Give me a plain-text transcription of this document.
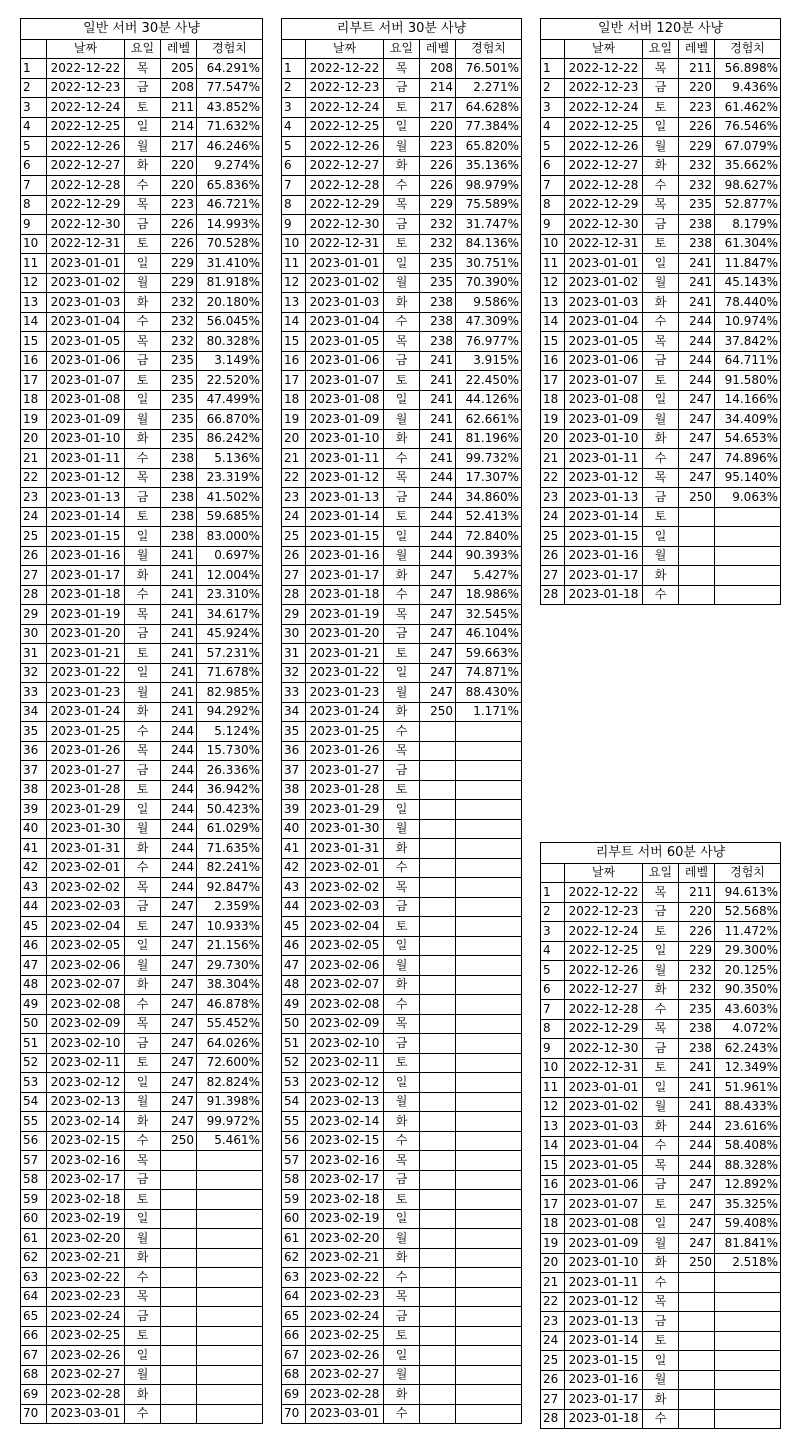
일반 서버 30분 사냥
	날짜	요일	레벨	경험치
1	2022-12-22	목	205	64.291%
2	2022-12-23	금	208	77.547%
3	2022-12-24	토	211	43.852%
4	2022-12-25	일	214	71.632%
5	2022-12-26	월	217	46.246%
6	2022-12-27	화	220	9.274%
7	2022-12-28	수	220	65.836%
8	2022-12-29	목	223	46.721%
9	2022-12-30	금	226	14.993%
10	2022-12-31	토	226	70.528%
11	2023-01-01	일	229	31.410%
12	2023-01-02	월	229	81.918%
13	2023-01-03	화	232	20.180%
14	2023-01-04	수	232	56.045%
15	2023-01-05	목	232	80.328%
16	2023-01-06	금	235	3.149%
17	2023-01-07	토	235	22.520%
18	2023-01-08	일	235	47.499%
19	2023-01-09	월	235	66.870%
20	2023-01-10	화	235	86.242%
21	2023-01-11	수	238	5.136%
22	2023-01-12	목	238	23.319%
23	2023-01-13	금	238	41.502%
24	2023-01-14	토	238	59.685%
25	2023-01-15	일	238	83.000%
26	2023-01-16	월	241	0.697%
27	2023-01-17	화	241	12.004%
28	2023-01-18	수	241	23.310%
29	2023-01-19	목	241	34.617%
30	2023-01-20	금	241	45.924%
31	2023-01-21	토	241	57.231%
32	2023-01-22	일	241	71.678%
33	2023-01-23	월	241	82.985%
34	2023-01-24	화	241	94.292%
35	2023-01-25	수	244	5.124%
36	2023-01-26	목	244	15.730%
37	2023-01-27	금	244	26.336%
38	2023-01-28	토	244	36.942%
39	2023-01-29	일	244	50.423%
40	2023-01-30	월	244	61.029%
41	2023-01-31	화	244	71.635%
42	2023-02-01	수	244	82.241%
43	2023-02-02	목	244	92.847%
44	2023-02-03	금	247	2.359%
45	2023-02-04	토	247	10.933%
46	2023-02-05	일	247	21.156%
47	2023-02-06	월	247	29.730%
48	2023-02-07	화	247	38.304%
49	2023-02-08	수	247	46.878%
50	2023-02-09	목	247	55.452%
51	2023-02-10	금	247	64.026%
52	2023-02-11	토	247	72.600%
53	2023-02-12	일	247	82.824%
54	2023-02-13	월	247	91.398%
55	2023-02-14	화	247	99.972%
56	2023-02-15	수	250	5.461%
57	2023-02-16	목		
58	2023-02-17	금		
59	2023-02-18	토		
60	2023-02-19	일		
61	2023-02-20	월		
62	2023-02-21	화		
63	2023-02-22	수		
64	2023-02-23	목		
65	2023-02-24	금		
66	2023-02-25	토		
67	2023-02-26	일		
68	2023-02-27	월		
69	2023-02-28	화		
70	2023-03-01	수		
리부트 서버 30분 사냥
	날짜	요일	레벨	경험치
1	2022-12-22	목	208	76.501%
2	2022-12-23	금	214	2.271%
3	2022-12-24	토	217	64.628%
4	2022-12-25	일	220	77.384%
5	2022-12-26	월	223	65.820%
6	2022-12-27	화	226	35.136%
7	2022-12-28	수	226	98.979%
8	2022-12-29	목	229	75.589%
9	2022-12-30	금	232	31.747%
10	2022-12-31	토	232	84.136%
11	2023-01-01	일	235	30.751%
12	2023-01-02	월	235	70.390%
13	2023-01-03	화	238	9.586%
14	2023-01-04	수	238	47.309%
15	2023-01-05	목	238	76.977%
16	2023-01-06	금	241	3.915%
17	2023-01-07	토	241	22.450%
18	2023-01-08	일	241	44.126%
19	2023-01-09	월	241	62.661%
20	2023-01-10	화	241	81.196%
21	2023-01-11	수	241	99.732%
22	2023-01-12	목	244	17.307%
23	2023-01-13	금	244	34.860%
24	2023-01-14	토	244	52.413%
25	2023-01-15	일	244	72.840%
26	2023-01-16	월	244	90.393%
27	2023-01-17	화	247	5.427%
28	2023-01-18	수	247	18.986%
29	2023-01-19	목	247	32.545%
30	2023-01-20	금	247	46.104%
31	2023-01-21	토	247	59.663%
32	2023-01-22	일	247	74.871%
33	2023-01-23	월	247	88.430%
34	2023-01-24	화	250	1.171%
35	2023-01-25	수		
36	2023-01-26	목		
37	2023-01-27	금		
38	2023-01-28	토		
39	2023-01-29	일		
40	2023-01-30	월		
41	2023-01-31	화		
42	2023-02-01	수		
43	2023-02-02	목		
44	2023-02-03	금		
45	2023-02-04	토		
46	2023-02-05	일		
47	2023-02-06	월		
48	2023-02-07	화		
49	2023-02-08	수		
50	2023-02-09	목		
51	2023-02-10	금		
52	2023-02-11	토		
53	2023-02-12	일		
54	2023-02-13	월		
55	2023-02-14	화		
56	2023-02-15	수		
57	2023-02-16	목		
58	2023-02-17	금		
59	2023-02-18	토		
60	2023-02-19	일		
61	2023-02-20	월		
62	2023-02-21	화		
63	2023-02-22	수		
64	2023-02-23	목		
65	2023-02-24	금		
66	2023-02-25	토		
67	2023-02-26	일		
68	2023-02-27	월		
69	2023-02-28	화		
70	2023-03-01	수		
일반 서버 120분 사냥
	날짜	요일	레벨	경험치
1	2022-12-22	목	211	56.898%
2	2022-12-23	금	220	9.436%
3	2022-12-24	토	223	61.462%
4	2022-12-25	일	226	76.546%
5	2022-12-26	월	229	67.079%
6	2022-12-27	화	232	35.662%
7	2022-12-28	수	232	98.627%
8	2022-12-29	목	235	52.877%
9	2022-12-30	금	238	8.179%
10	2022-12-31	토	238	61.304%
11	2023-01-01	일	241	11.847%
12	2023-01-02	월	241	45.143%
13	2023-01-03	화	241	78.440%
14	2023-01-04	수	244	10.974%
15	2023-01-05	목	244	37.842%
16	2023-01-06	금	244	64.711%
17	2023-01-07	토	244	91.580%
18	2023-01-08	일	247	14.166%
19	2023-01-09	월	247	34.409%
20	2023-01-10	화	247	54.653%
21	2023-01-11	수	247	74.896%
22	2023-01-12	목	247	95.140%
23	2023-01-13	금	250	9.063%
24	2023-01-14	토		
25	2023-01-15	일		
26	2023-01-16	월		
27	2023-01-17	화		
28	2023-01-18	수		
리부트 서버 60분 사냥
	날짜	요일	레벨	경험치
1	2022-12-22	목	211	94.613%
2	2022-12-23	금	220	52.568%
3	2022-12-24	토	226	11.472%
4	2022-12-25	일	229	29.300%
5	2022-12-26	월	232	20.125%
6	2022-12-27	화	232	90.350%
7	2022-12-28	수	235	43.603%
8	2022-12-29	목	238	4.072%
9	2022-12-30	금	238	62.243%
10	2022-12-31	토	241	12.349%
11	2023-01-01	일	241	51.961%
12	2023-01-02	월	241	88.433%
13	2023-01-03	화	244	23.616%
14	2023-01-04	수	244	58.408%
15	2023-01-05	목	244	88.328%
16	2023-01-06	금	247	12.892%
17	2023-01-07	토	247	35.325%
18	2023-01-08	일	247	59.408%
19	2023-01-09	월	247	81.841%
20	2023-01-10	화	250	2.518%
21	2023-01-11	수		
22	2023-01-12	목		
23	2023-01-13	금		
24	2023-01-14	토		
25	2023-01-15	일		
26	2023-01-16	월		
27	2023-01-17	화		
28	2023-01-18	수		
